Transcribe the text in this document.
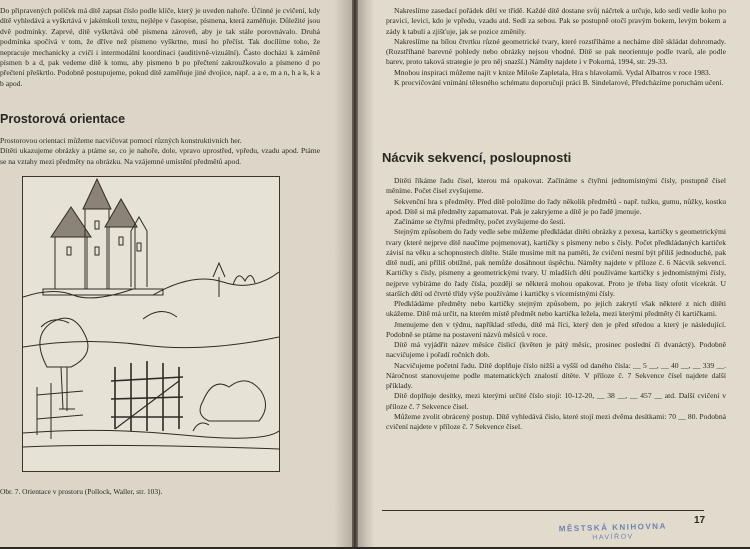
Do připravených políček má dítě zapsat číslo podle klíče, který je uveden nahoře. Účinné je cvičení, kdy dítě vyhledává a vyškrtává v jakémkoli textu, nejlépe v časopise, písmena, která zaměňuje. Důležité jsou dvě podmínky. Zaprvé, dítě vyškrtává obě písmena zároveň, aby je tak stále porovnávalo. Druhá podmínka spočívá v tom, že dříve než písmeno vyškrtne, musí ho přečíst. Tak docílíme toho, že nepracuje mechanicky a cvičí i intermodální koordinaci (auditivně-vizuální). Často docházi k záměně písmen b a d, pak vedeme dítě k tomu, aby písmeno b po přečtení zakroužkovalo a písmeno d po přečtení přeškrtlo. Podobně postupujeme, pokud dítě zaměňuje jiné dvojice, např. a a e, m a n, h a k, k a b apod.

Prostorová orientace

Prostorovou orientaci můžeme nacvičovat pomocí různých konstruktivních her.

Dítěti ukazujeme obrázky a ptáme se, co je nahoře, dole, vpravo uprostřed, vpředu, vzadu apod. Ptáme se na vztahy mezi předměty na obrázku. Na vzájemné umístění předmětů apod.

Obr. 7. Orientace v prostoru (Pollock, Waller, str. 103).

Nakreslíme zasedací pořádek dětí ve třídě. Každé dítě dostane svůj náčrtek a určuje, kdo sedí vedle koho po pravici, levici, kdo je vpředu, vzadu atd. Sedí za sebou. Pak se postupně otočí pravým bokem, levým bokem a zády k tabuli a zjišťuje, jak se pozice změnily.

Nakreslíme na bílou čtvrtku různé geometrické tvary, které rozstříháme a necháme dítě skládat dohromady. (Rozstříhané barevné pohledy nebo obrázky nejsou vhodné. Dítě se pak neorientuje podle tvarů, ale podle barev, proto taková strategie je pro něj snazší.) Náměty najdete i v Pokorná, 1994, str. 29-33.

Mnohou inspiraci můžeme najít v knize Miloše Zapletala, Hra s hlavolamů. Vydal Albatros v roce 1983.

K procvičování vnímání tělesného schématu doporučuji práci B. Sindelarové, Předcházíme poruchám učení.

Nácvik sekvencí, posloupnosti

Dítěti říkáme řadu čísel, kterou má opakovat. Začínáme s čtyřmi jednomístnými čísly, postupně čísel měníme. Počet čísel zvyšujeme.

Sekvenční hra s předměty. Před dítě položíme do řady několik předmětů - např. tužku, gumu, nůžky, kostku apod. Dítě si má předměty zapamatovat. Pak je zakryjeme a dítě je po řadě jmenuje.

Začínáme se čtyřmi předměty, počet zvyšujeme do šesti.

Stejným způsobem do řady vedle sebe můžeme předkládat dítěti obrázky z pexesa, kartičky s geometrickými tvary (které nejprve dítě naučíme pojmenovat), kartičky s písmeny nebo s čísly. Počet předkládaných kartiček závisí na věku a schopnostech dítěte. Stále musíme mít na paměti, že cvičení nesmí být příliš jednoduché, pak dítě nudí, ani příliš obtížné, pak nemůže dosáhnout úspěchu. Náměty najdete v příloze č. 6 Nácvik sekvencí. Kartičky s čísly, písmeny a geometrickými tvary. U mladších dětí používáme kartičky s jednomístnými čísly, nejprve vybíráme do řady čísla, později se některá mohou opakovat. Proto je třeba listy ofotit vícekrát. U starších dětí od čtvrté třídy výše používáme i kartičky s vícemístnými čísly.

Předkládáme předměty nebo kartičky stejným způsobem, po jejich zakrytí však některé z nich dítěti ukážeme. Dítě má určit, na kterém místě předmět nebo kartička ležela, mezi kterými předměty či kartičkami.

Jmenujeme den v týdnu, například středu, dítě má říci, který den je před středou a který je následující. Podobně se ptáme na postavení názvů měsíců v roce.

Dítě má vyjádřit název měsíce číslicí (květen je pátý měsíc, prosinec poslední či dvanáctý). Podobně nacvičujeme i pořadí ročních dob.

Nacvičujeme početní řadu. Dítě doplňuje číslo nižší a vyšší od daného čísla: __ 5 __, __ 40 __, __ 339 __. Náročnost stanovujeme podle matematických znalostí dítěte. V příloze č. 7 Sekvence čísel najdete další příklady.

Dítě doplňuje desítky, mezi kterými určité číslo stojí: 10-12-20, __ 38 __, __ 457 __ atd. Další cvičení v příloze č. 7 Sekvence čísel.

Můžeme zvolit obrácený postup. Dítě vyhledává číslo, které stojí mezi dvěma desítkami: 70 __ 80. Podobná cvičení najdete v příloze č. 7 Sekvence čísel.

17

MĚSTSKÁ KNIHOVNA
HAVÍŘOV
